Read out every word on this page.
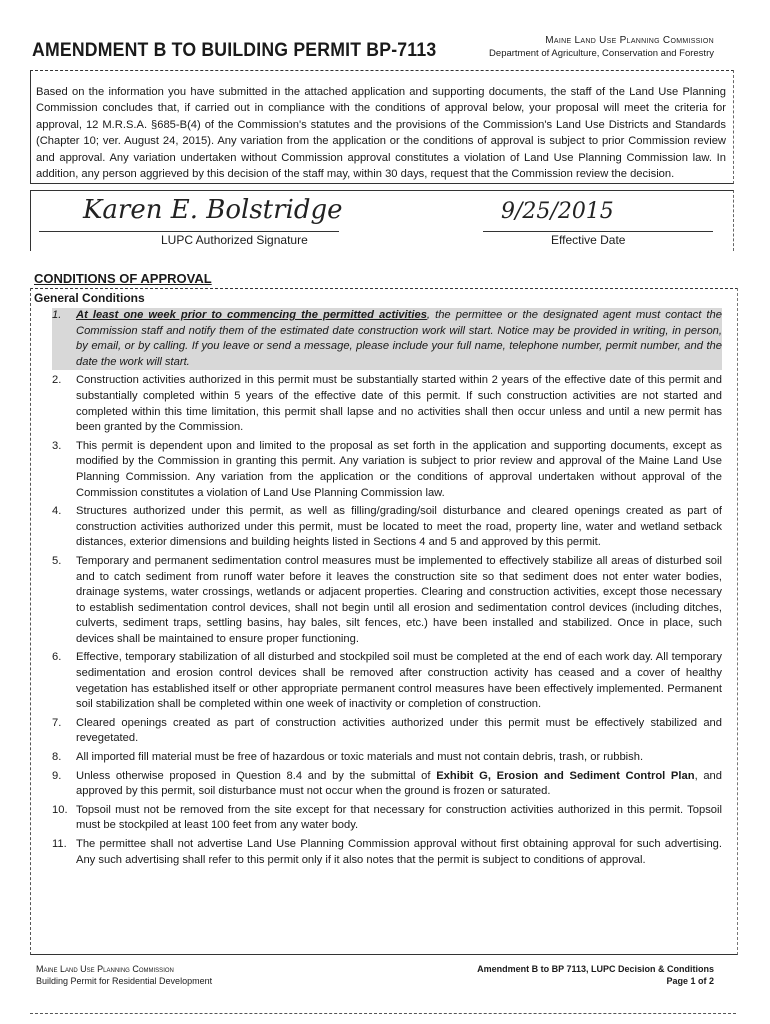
AMENDMENT B TO BUILDING PERMIT BP-7113	Maine Land Use Planning Commission
Department of Agriculture, Conservation and Forestry
Based on the information you have submitted in the attached application and supporting documents, the staff of the Land Use Planning Commission concludes that, if carried out in compliance with the conditions of approval below, your proposal will meet the criteria for approval, 12 M.R.S.A. §685-B(4) of the Commission's statutes and the provisions of the Commission's Land Use Districts and Standards (Chapter 10; ver. August 24, 2015). Any variation from the application or the conditions of approval is subject to prior Commission review and approval. Any variation undertaken without Commission approval constitutes a violation of Land Use Planning Commission law. In addition, any person aggrieved by this decision of the staff may, within 30 days, request that the Commission review the decision.
Karen E. Bolstridge
LUPC Authorized Signature
9/25/2015
Effective Date
CONDITIONS OF APPROVAL
General Conditions
1. At least one week prior to commencing the permitted activities, the permittee or the designated agent must contact the Commission staff and notify them of the estimated date construction work will start. Notice may be provided in writing, in person, by email, or by calling. If you leave or send a message, please include your full name, telephone number, permit number, and the date the work will start.
2. Construction activities authorized in this permit must be substantially started within 2 years of the effective date of this permit and substantially completed within 5 years of the effective date of this permit. If such construction activities are not started and completed within this time limitation, this permit shall lapse and no activities shall then occur unless and until a new permit has been granted by the Commission.
3. This permit is dependent upon and limited to the proposal as set forth in the application and supporting documents, except as modified by the Commission in granting this permit. Any variation is subject to prior review and approval of the Maine Land Use Planning Commission. Any variation from the application or the conditions of approval undertaken without approval of the Commission constitutes a violation of Land Use Planning Commission law.
4. Structures authorized under this permit, as well as filling/grading/soil disturbance and cleared openings created as part of construction activities authorized under this permit, must be located to meet the road, property line, water and wetland setback distances, exterior dimensions and building heights listed in Sections 4 and 5 and approved by this permit.
5. Temporary and permanent sedimentation control measures must be implemented to effectively stabilize all areas of disturbed soil and to catch sediment from runoff water before it leaves the construction site so that sediment does not enter water bodies, drainage systems, water crossings, wetlands or adjacent properties. Clearing and construction activities, except those necessary to establish sedimentation control devices, shall not begin until all erosion and sedimentation control devices (including ditches, culverts, sediment traps, settling basins, hay bales, silt fences, etc.) have been installed and stabilized. Once in place, such devices shall be maintained to ensure proper functioning.
6. Effective, temporary stabilization of all disturbed and stockpiled soil must be completed at the end of each work day. All temporary sedimentation and erosion control devices shall be removed after construction activity has ceased and a cover of healthy vegetation has established itself or other appropriate permanent control measures have been effectively implemented. Permanent soil stabilization shall be completed within one week of inactivity or completion of construction.
7. Cleared openings created as part of construction activities authorized under this permit must be effectively stabilized and revegetated.
8. All imported fill material must be free of hazardous or toxic materials and must not contain debris, trash, or rubbish.
9. Unless otherwise proposed in Question 8.4 and by the submittal of Exhibit G, Erosion and Sediment Control Plan, and approved by this permit, soil disturbance must not occur when the ground is frozen or saturated.
10. Topsoil must not be removed from the site except for that necessary for construction activities authorized in this permit. Topsoil must be stockpiled at least 100 feet from any water body.
11. The permittee shall not advertise Land Use Planning Commission approval without first obtaining approval for such advertising. Any such advertising shall refer to this permit only if it also notes that the permit is subject to conditions of approval.
Maine Land Use Planning Commission
Building Permit for Residential Development
Amendment B to BP 7113, LUPC Decision & Conditions
Page 1 of 2
